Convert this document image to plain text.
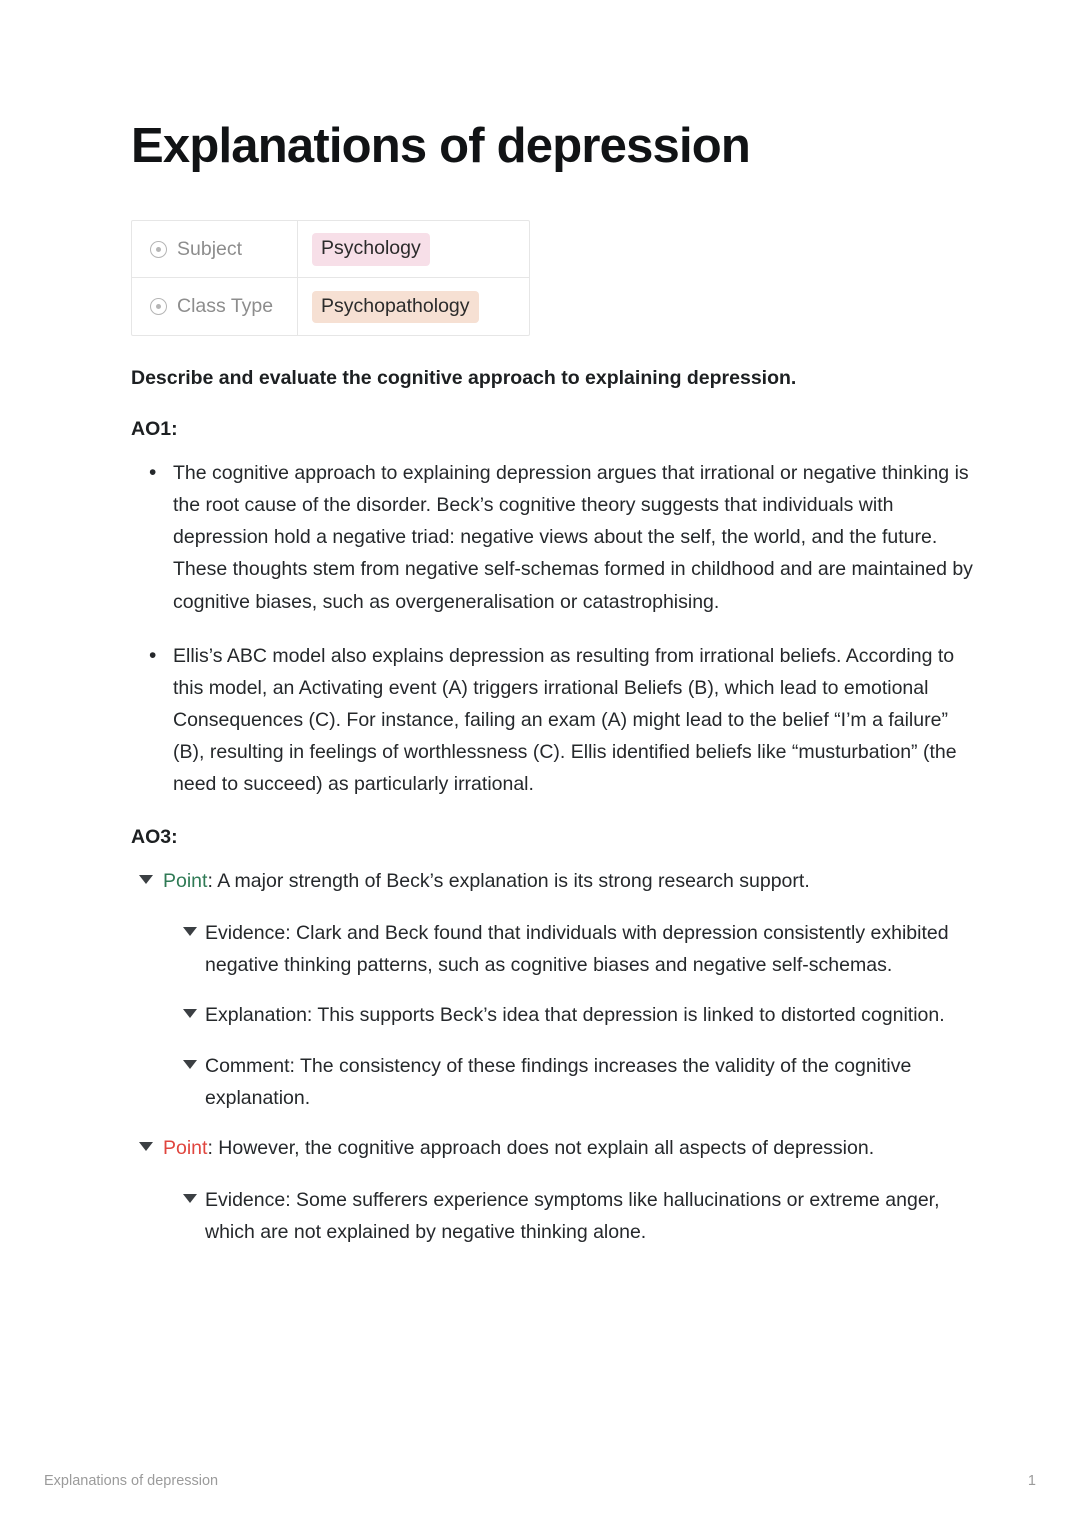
Explanations of depression
Subject	Psychology
Class Type	Psychopathology

Describe and evaluate the cognitive approach to explaining depression.

AO1:

• The cognitive approach to explaining depression argues that irrational or negative thinking is the root cause of the disorder. Beck’s cognitive theory suggests that individuals with depression hold a negative triad: negative views about the self, the world, and the future. These thoughts stem from negative self-schemas formed in childhood and are maintained by cognitive biases, such as overgeneralisation or catastrophising.
• Ellis’s ABC model also explains depression as resulting from irrational beliefs. According to this model, an Activating event (A) triggers irrational Beliefs (B), which lead to emotional Consequences (C). For instance, failing an exam (A) might lead to the belief “I’m a failure” (B), resulting in feelings of worthlessness (C). Ellis identified beliefs like “musturbation” (the need to succeed) as particularly irrational.

AO3:

Point: A major strength of Beck’s explanation is its strong research support.
Evidence: Clark and Beck found that individuals with depression consistently exhibited negative thinking patterns, such as cognitive biases and negative self-schemas.
Explanation: This supports Beck’s idea that depression is linked to distorted cognition.
Comment: The consistency of these findings increases the validity of the cognitive explanation.
Point: However, the cognitive approach does not explain all aspects of depression.
Evidence: Some sufferers experience symptoms like hallucinations or extreme anger, which are not explained by negative thinking alone.
Explanations of depression	1
